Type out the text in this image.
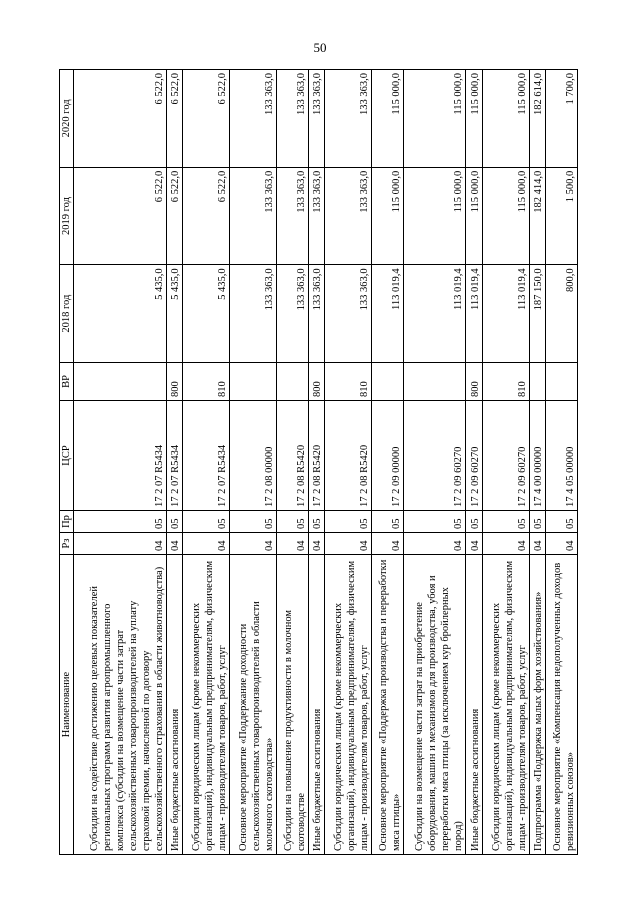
50
Наименование	Рз	Пр	ЦСР	ВР	2018 год	2019 год	2020 год
Субсидии на содействие достижению целевых показателей региональных программ развития агропромышленного комплекса (субсидии на возмещение части затрат сельскохозяйственных товаропроизводителей на уплату страховой премии, начисленной по договору сельскохозяйственного страхования в области животноводства)	04	05	17 2 07 R5434		5 435,0	6 522,0	6 522,0
Иные бюджетные ассигнования	04	05	17 2 07 R5434	800	5 435,0	6 522,0	6 522,0
Субсидии юридическим лицам (кроме некоммерческих организаций), индивидуальным предпринимателям, физическим лицам - производителям товаров, работ, услуг	04	05	17 2 07 R5434	810	5 435,0	6 522,0	6 522,0
Основное мероприятие «Поддержание доходности сельскохозяйственных товаропроизводителей в области молочного скотоводства»	04	05	17 2 08 00000		133 363,0	133 363,0	133 363,0
Субсидии на повышение продуктивности в молочном скотоводстве	04	05	17 2 08 R5420		133 363,0	133 363,0	133 363,0
Иные бюджетные ассигнования	04	05	17 2 08 R5420	800	133 363,0	133 363,0	133 363,0
Субсидии юридическим лицам (кроме некоммерческих организаций), индивидуальным предпринимателям, физическим лицам - производителям товаров, работ, услуг	04	05	17 2 08 R5420	810	133 363,0	133 363,0	133 363,0
Основное мероприятие «Поддержка производства и переработки мяса птицы»	04	05	17 2 09 00000		113 019,4	115 000,0	115 000,0
Субсидии на возмещение части затрат на приобретение оборудования, машин и механизмов для производства, убоя и переработки мяса птицы (за исключением кур бройлерных пород)	04	05	17 2 09 60270		113 019,4	115 000,0	115 000,0
Иные бюджетные ассигнования	04	05	17 2 09 60270	800	113 019,4	115 000,0	115 000,0
Субсидии юридическим лицам (кроме некоммерческих организаций), индивидуальным предпринимателям, физическим лицам - производителям товаров, работ, услуг	04	05	17 2 09 60270	810	113 019,4	115 000,0	115 000,0
Подпрограмма «Поддержка малых форм хозяйствования»	04	05	17 4 00 00000		187 150,0	182 414,0	182 614,0
Основное мероприятие «Компенсация недополученных доходов ревизионных союзов»	04	05	17 4 05 00000		800,0	1 500,0	1 700,0
